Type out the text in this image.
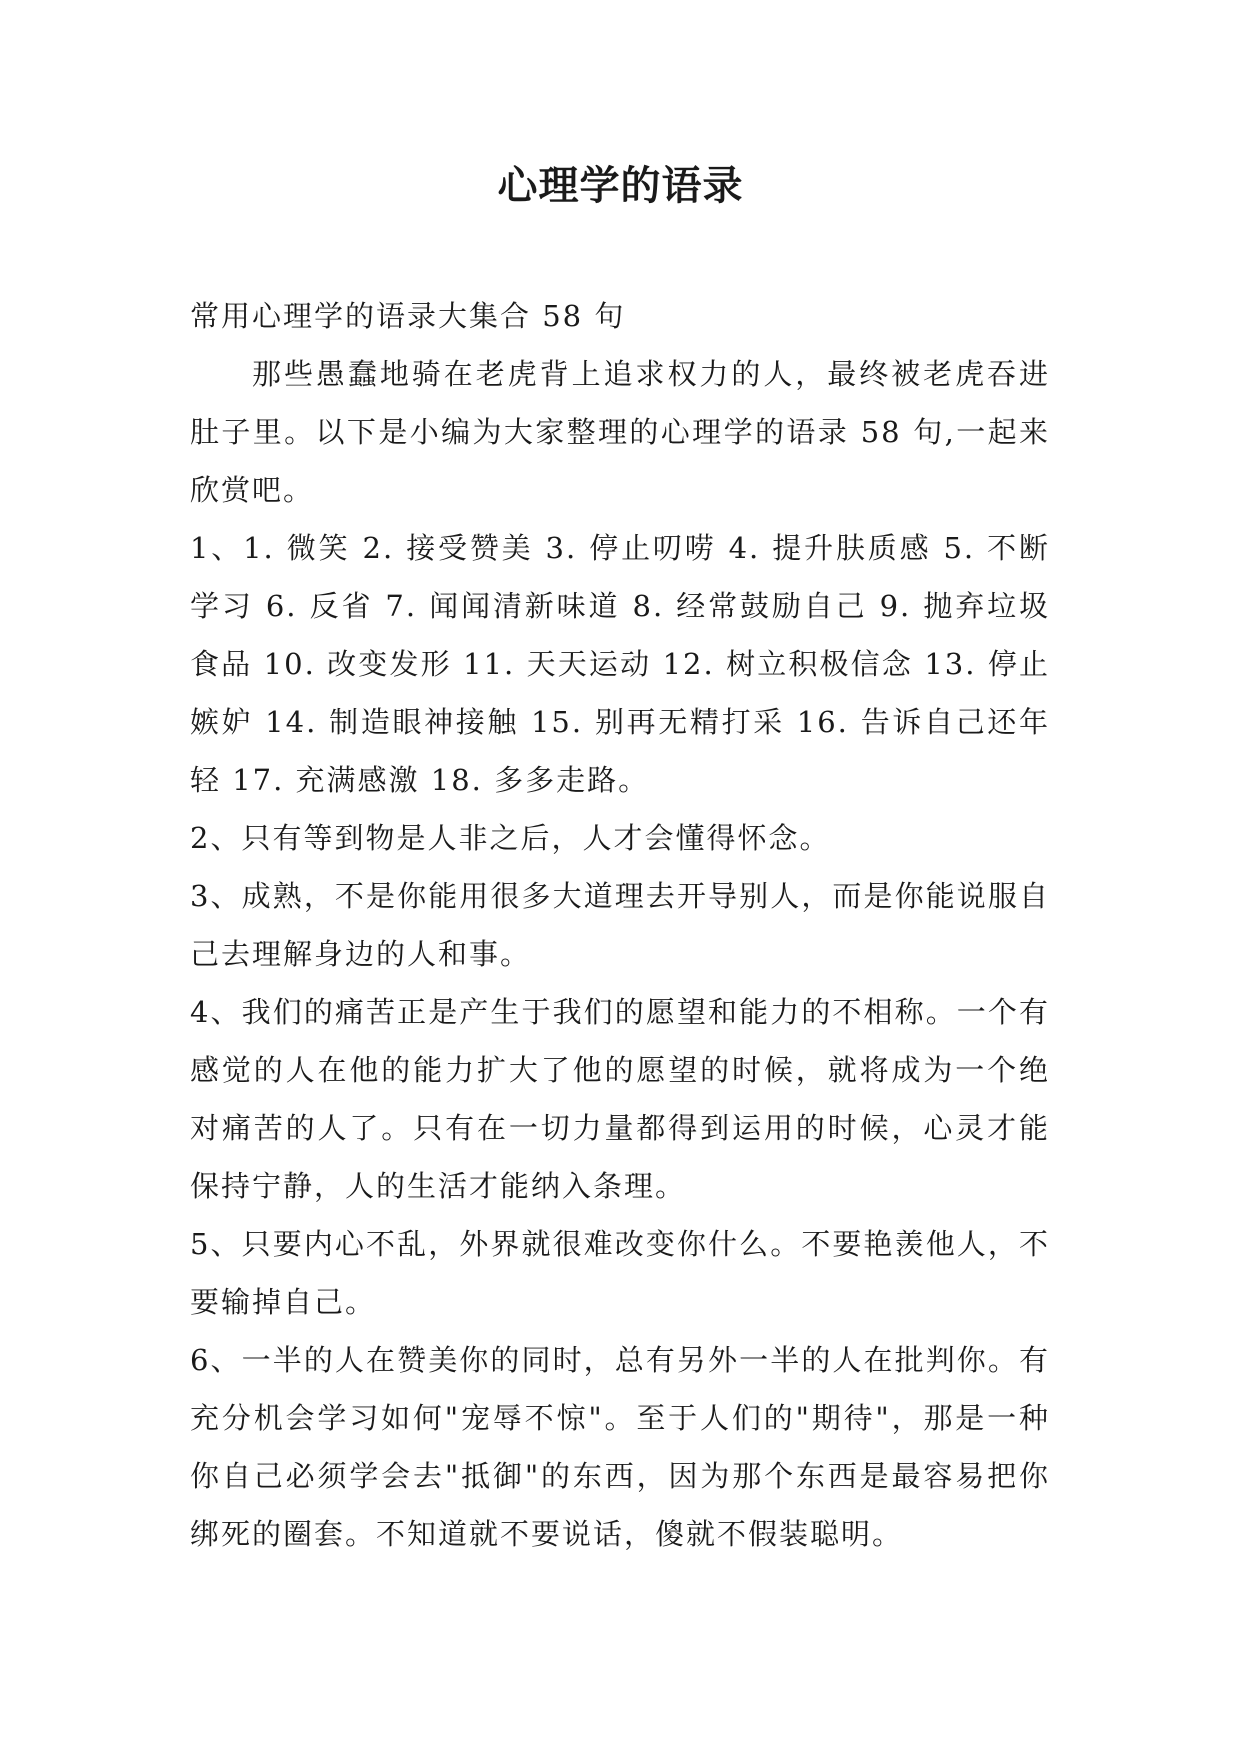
心理学的语录

常用心理学的语录大集合 58 句

那些愚蠢地骑在老虎背上追求权力的人，最终被老虎吞进肚子里。以下是小编为大家整理的心理学的语录 58 句,一起来欣赏吧。

1、1. 微笑 2. 接受赞美 3. 停止叨唠 4. 提升肤质感 5. 不断学习 6. 反省 7. 闻闻清新味道 8. 经常鼓励自己 9. 抛弃垃圾食品 10. 改变发形 11. 天天运动 12. 树立积极信念 13. 停止嫉妒 14. 制造眼神接触 15. 别再无精打采 16. 告诉自己还年轻 17. 充满感激 18. 多多走路。

2、只有等到物是人非之后，人才会懂得怀念。

3、成熟，不是你能用很多大道理去开导别人，而是你能说服自己去理解身边的人和事。

4、我们的痛苦正是产生于我们的愿望和能力的不相称。一个有感觉的人在他的能力扩大了他的愿望的时候，就将成为一个绝对痛苦的人了。只有在一切力量都得到运用的时候，心灵才能保持宁静，人的生活才能纳入条理。

5、只要内心不乱，外界就很难改变你什么。不要艳羡他人，不要输掉自己。

6、一半的人在赞美你的同时，总有另外一半的人在批判你。有充分机会学习如何"宠辱不惊"。至于人们的"期待"，那是一种你自己必须学会去"抵御"的东西，因为那个东西是最容易把你绑死的圈套。不知道就不要说话，傻就不假装聪明。
